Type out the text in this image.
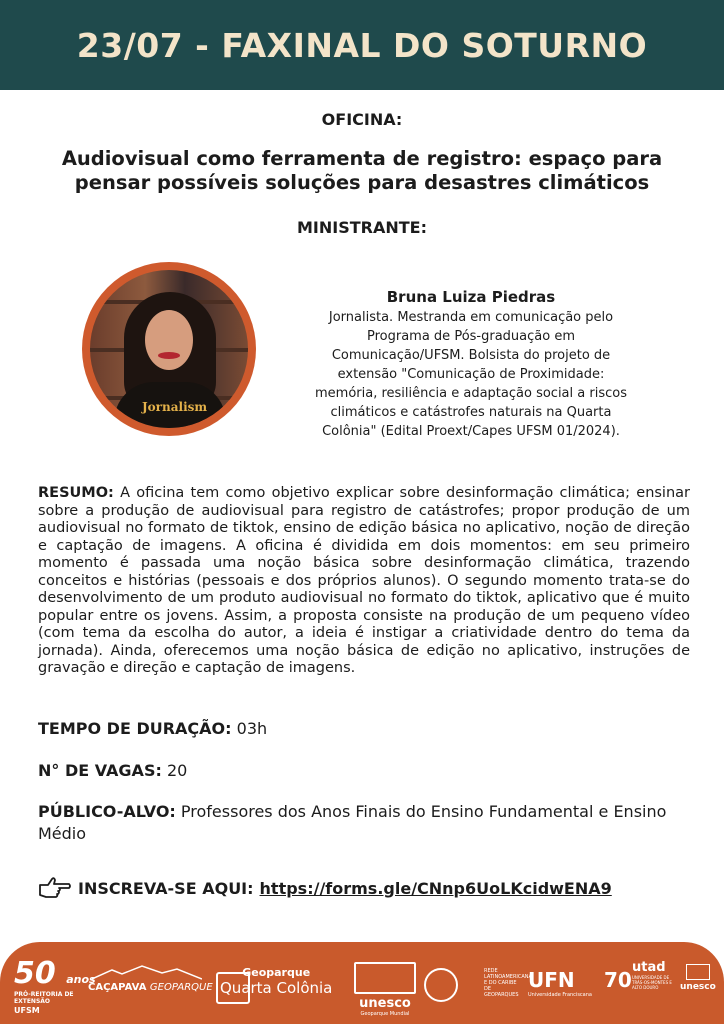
23/07 - FAXINAL DO SOTURNO

OFICINA:

Audiovisual como ferramenta de registro: espaço para
pensar possíveis soluções para desastres climáticos

MINISTRANTE:

Jornalism

Bruna Luiza Piedras

Jornalista. Mestranda em comunicação pelo
Programa de Pós-graduação em
Comunicação/UFSM. Bolsista do projeto de
extensão "Comunicação de Proximidade:
memória, resiliência e adaptação social a riscos
climáticos e catástrofes naturais na Quarta
Colônia" (Edital Proext/Capes UFSM 01/2024).

RESUMO: A oficina tem como objetivo explicar sobre desinformação climática; ensinar sobre a produção de audiovisual para registro de catástrofes; propor produção de um audiovisual no formato de tiktok, ensino de edição básica no aplicativo, noção de direção e captação de imagens. A oficina é dividida em dois momentos: em seu primeiro momento é passada uma noção básica sobre desinformação climática, trazendo conceitos e histórias (pessoais e dos próprios alunos). O segundo momento trata-se do desenvolvimento de um produto audiovisual no formato do tiktok, aplicativo que é muito popular entre os jovens. Assim, a proposta consiste na produção de um pequeno vídeo (com tema da escolha do autor, a ideia é instigar a criatividade dentro do tema da jornada). Ainda, oferecemos uma noção básica de edição no aplicativo, instruções de gravação e direção e captação de imagens.

TEMPO DE DURAÇÃO: 03h

N° DE VAGAS: 20

PÚBLICO-ALVO: Professores dos Anos Finais do Ensino Fundamental e Ensino Médio

INSCREVA-SE AQUI: https://forms.gle/CNnp6UoLKcidwENA9
50 anos
PRÓ-REITORIA DE EXTENSÃO
UFSM
CAÇAPAVA GEOPARQUE
Geoparque
Quarta Colônia
unesco
Geoparque Mundial
REDE LATINOAMERICANA E DO CARIBE DE GEOPARQUES
UFN
Universidade Franciscana
70
utad
UNIVERSIDADE DE TRÁS-OS-MONTES E ALTO DOURO	unesco
